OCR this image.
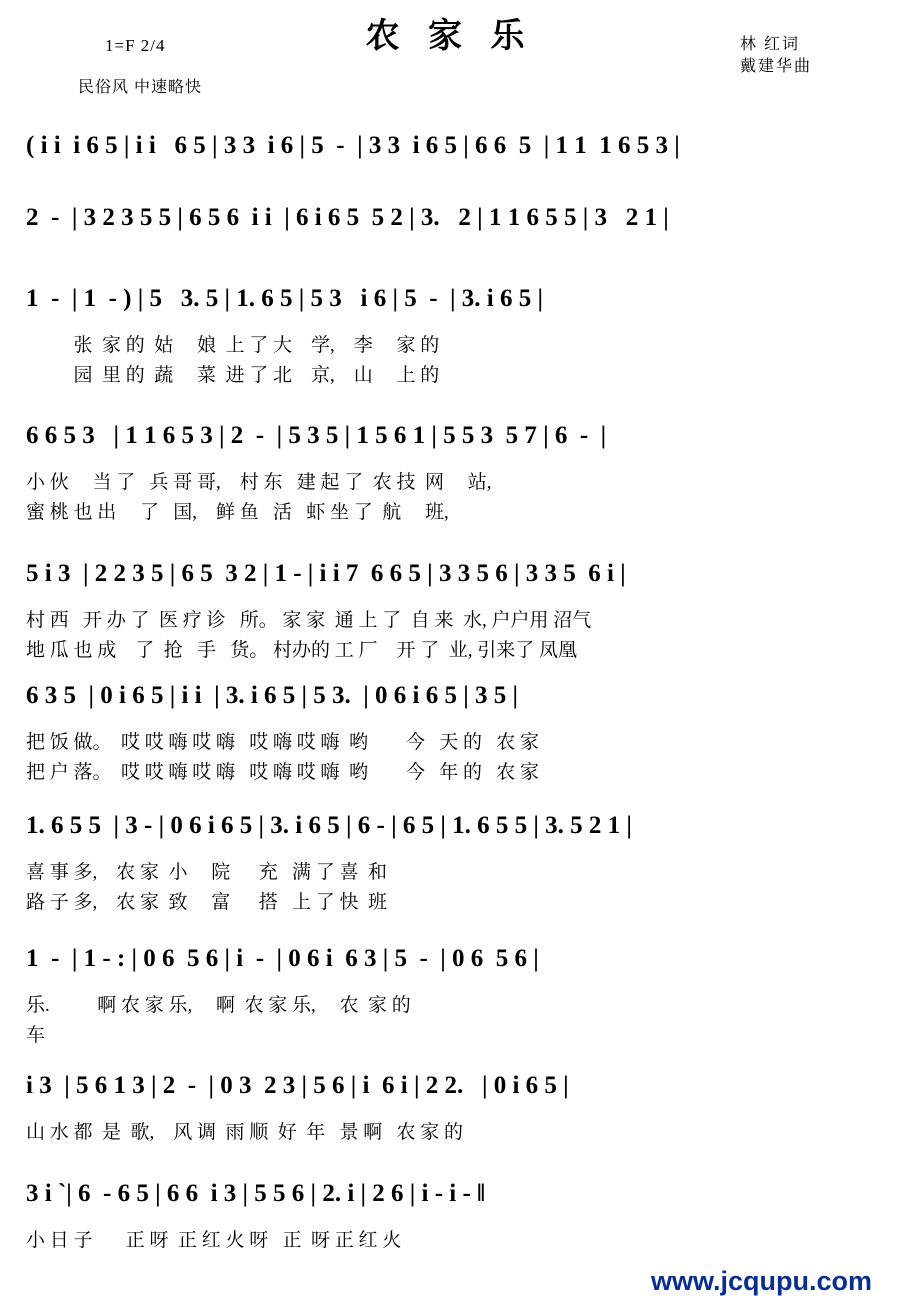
农 家 乐
1=F 2/4
民俗风 中速略快
林 红词
戴建华曲
( i i  i 6 5 | i i   6 5 | 3 3  i 6 | 5  -  | 3 3  i 6 5 | 6 6  5  | 1 1  1 6 5 3 |
2  -  | 3 2 3 5 5 | 6 5 6  i i  | 6 i 6 5  5 2 | 3.   2 | 1 1 6 5 5 | 3   2 1 |
1  -  | 1  - ) | 5   3. 5 | 1. 6 5 | 5 3   i 6 | 5  -  | 3. i 6 5 |
张  家 的  姑     娘  上 了 大    学,    李     家 的
园  里 的  蔬     菜  进 了 北    京,    山     上 的
6 6 5 3   | 1 1 6 5 3 | 2  -  | 5 3 5 | 1 5 6 1 | 5 5 3  5 7 | 6  -  |
小 伙     当 了   兵 哥 哥,    村 东   建 起 了  农 技  网     站,
蜜 桃 也 出     了   国,    鲜 鱼   活   虾 坐 了  航     班,
5 i 3  | 2 2 3 5 | 6 5  3 2 | 1 - | i i 7  6 6 5 | 3 3 5 6 | 3 3 5  6 i |
村 西   开 办 了  医 疗 诊   所。 家 家  通 上 了  自 来  水, 户户用 沼气
地 瓜 也 成    了  抢   手   货。 村办的 工 厂    开 了  业, 引来了 凤凰
6 3 5  | 0 i 6 5 | i i  | 3. i 6 5 | 5 3.  | 0 6 i 6 5 | 3 5 |
把 饭 做。  哎 哎 嗨 哎 嗨   哎 嗨 哎 嗨  哟        今   天 的   农 家
把 户 落。  哎 哎 嗨 哎 嗨   哎 嗨 哎 嗨  哟        今   年 的   农 家
1. 6 5 5  | 3 - | 0 6 i 6 5 | 3. i 6 5 | 6 - | 6 5 | 1. 6 5 5 | 3. 5 2 1 |
喜 事 多,    农 家  小     院      充   满 了 喜  和
路 子 多,    农 家  致     富      搭   上 了 快  班
1  -  | 1 - : | 0 6  5 6 | i  -  | 0 6 i  6 3 | 5  -  | 0 6  5 6 |
乐.          啊 农 家 乐,     啊  农 家 乐,     农  家 的
车
i 3  | 5 6 1 3 | 2  -  | 0 3  2 3 | 5 6 | i  6 i | 2 2.   | 0 i 6 5 |
山 水 都  是  歌,    风 调  雨 顺  好  年   景 啊   农 家 的
3 i `| 6  - 6 5 | 6 6  i 3 | 5 5 6 | 2. i | 2 6 | i - i - ‖
小 日 子       正 呀  正 红 火 呀   正  呀 正 红 火
www.jcqupu.com
